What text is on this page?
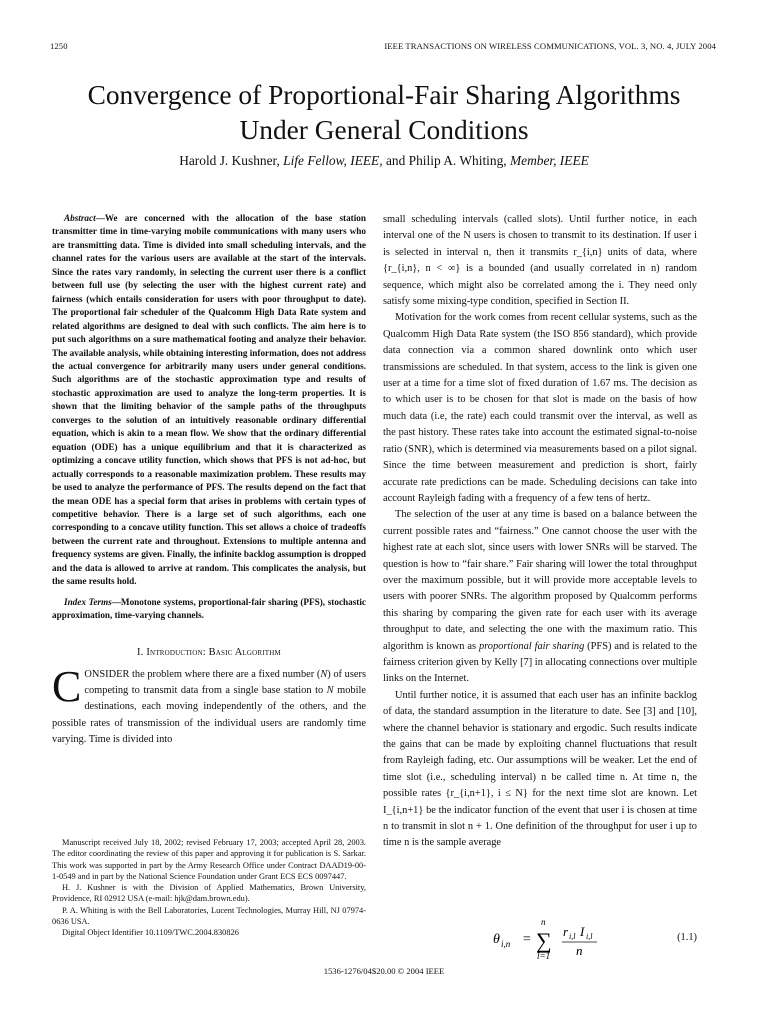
1250	IEEE TRANSACTIONS ON WIRELESS COMMUNICATIONS, VOL. 3, NO. 4, JULY 2004
Convergence of Proportional-Fair Sharing Algorithms
Under General Conditions
Harold J. Kushner, Life Fellow, IEEE, and Philip A. Whiting, Member, IEEE

Abstract—We are concerned with the allocation of the base station transmitter time in time-varying mobile communications with many users who are transmitting data. Time is divided into small scheduling intervals, and the channel rates for the various users are available at the start of the intervals. Since the rates vary randomly, in selecting the current user there is a conflict between full use (by selecting the user with the highest current rate) and fairness (which entails consideration for users with poor throughput to date). The proportional fair scheduler of the Qualcomm High Data Rate system and related algorithms are designed to deal with such conflicts. The aim here is to put such algorithms on a sure mathematical footing and analyze their behavior. The available analysis, while obtaining interesting information, does not address the actual convergence for arbitrarily many users under general conditions. Such algorithms are of the stochastic approximation type and results of stochastic approximation are used to analyze the long-term properties. It is shown that the limiting behavior of the sample paths of the throughputs converges to the solution of an intuitively reasonable ordinary differential equation, which is akin to a mean flow. We show that the ordinary differential equation (ODE) has a unique equilibrium and that it is characterized as optimizing a concave utility function, which shows that PFS is not ad-hoc, but actually corresponds to a reasonable maximization problem. These results may be used to analyze the performance of PFS. The results depend on the fact that the mean ODE has a special form that arises in problems with certain types of competitive behavior. There is a large set of such algorithms, each one corresponding to a concave utility function. This set allows a choice of tradeoffs between the current rate and throughout. Extensions to multiple antenna and frequency systems are given. Finally, the infinite backlog assumption is dropped and the data is allowed to arrive at random. This complicates the analysis, but the same results hold.

Index Terms—Monotone systems, proportional-fair sharing (PFS), stochastic approximation, time-varying channels.

I. Introduction: Basic Algorithm

CONSIDER the problem where there are a fixed number (N) of users competing to transmit data from a single base station to N mobile destinations, each moving independently of the others, and the possible rates of transmission of the individual users are randomly time varying. Time is divided into

Manuscript received July 18, 2002; revised February 17, 2003; accepted April 28, 2003. The editor coordinating the review of this paper and approving it for publication is S. Sarkar. This work was supported in part by the Army Research Office under Contract DAAD19-00-1-0549 and in part by the National Science Foundation under Grant ECS ECS 0097447.

H. J. Kushner is with the Division of Applied Mathematics, Brown University, Providence, RI 02912 USA (e-mail: hjk@dam.brown.edu).

P. A. Whiting is with the Bell Laboratories, Lucent Technologies, Murray Hill, NJ 07974-0636 USA.

Digital Object Identifier 10.1109/TWC.2004.830826

small scheduling intervals (called slots). Until further notice, in each interval one of the N users is chosen to transmit to its destination. If user i is selected in interval n, then it transmits r_{i,n} units of data, where {r_{i,n}, n < ∞} is a bounded (and usually correlated in n) random sequence, which might also be correlated among the i. They need only satisfy some mixing-type condition, specified in Section II.

Motivation for the work comes from recent cellular systems, such as the Qualcomm High Data Rate system (the ISO 856 standard), which provide data connection via a common shared downlink onto which user transmissions are scheduled. In that system, access to the link is given one user at a time for a time slot of fixed duration of 1.67 ms. The decision as to which user is to be chosen for that slot is made on the basis of how much data (i.e, the rate) each could transmit over the interval, as well as the past history. These rates take into account the estimated signal-to-noise ratio (SNR), which is determined via measurements based on a pilot signal. Since the time between measurement and prediction is short, fairly accurate rate predictions can be made. Scheduling decisions can take into account Rayleigh fading with a frequency of a few tens of hertz.

The selection of the user at any time is based on a balance between the current possible rates and “fairness.” One cannot choose the user with the highest rate at each slot, since users with lower SNRs will be starved. The question is how to “fair share.” Fair sharing will lower the total throughput over the maximum possible, but it will provide more acceptable levels to users with poorer SNRs. The algorithm proposed by Qualcomm performs this sharing by comparing the given rate for each user with its average throughput to date, and selecting the one with the maximum ratio. This algorithm is known as proportional fair sharing (PFS) and is related to the fairness criterion given by Kelly [7] in allocating connections over multiple links on the Internet.

Until further notice, it is assumed that each user has an infinite backlog of data, the standard assumption in the literature to date. See [3] and [10], where the channel behavior is stationary and ergodic. Such results indicate the gains that can be made by exploiting channel fluctuations that result from Rayleigh fading, etc. Our assumptions will be weaker. Let the end of time slot (i.e., scheduling interval) n be called time n. At time n, the possible rates {r_{i,n+1}, i ≤ N} for the next time slot are known. Let I_{i,n+1} be the indicator function of the event that user i is chosen at time n to transmit in slot n + 1. One definition of the throughput for user i up to time n is the sample average

θ i,n =
n
∑
l=1
r i,l I i,l
n
(1.1)
1536-1276/04$20.00 © 2004 IEEE
